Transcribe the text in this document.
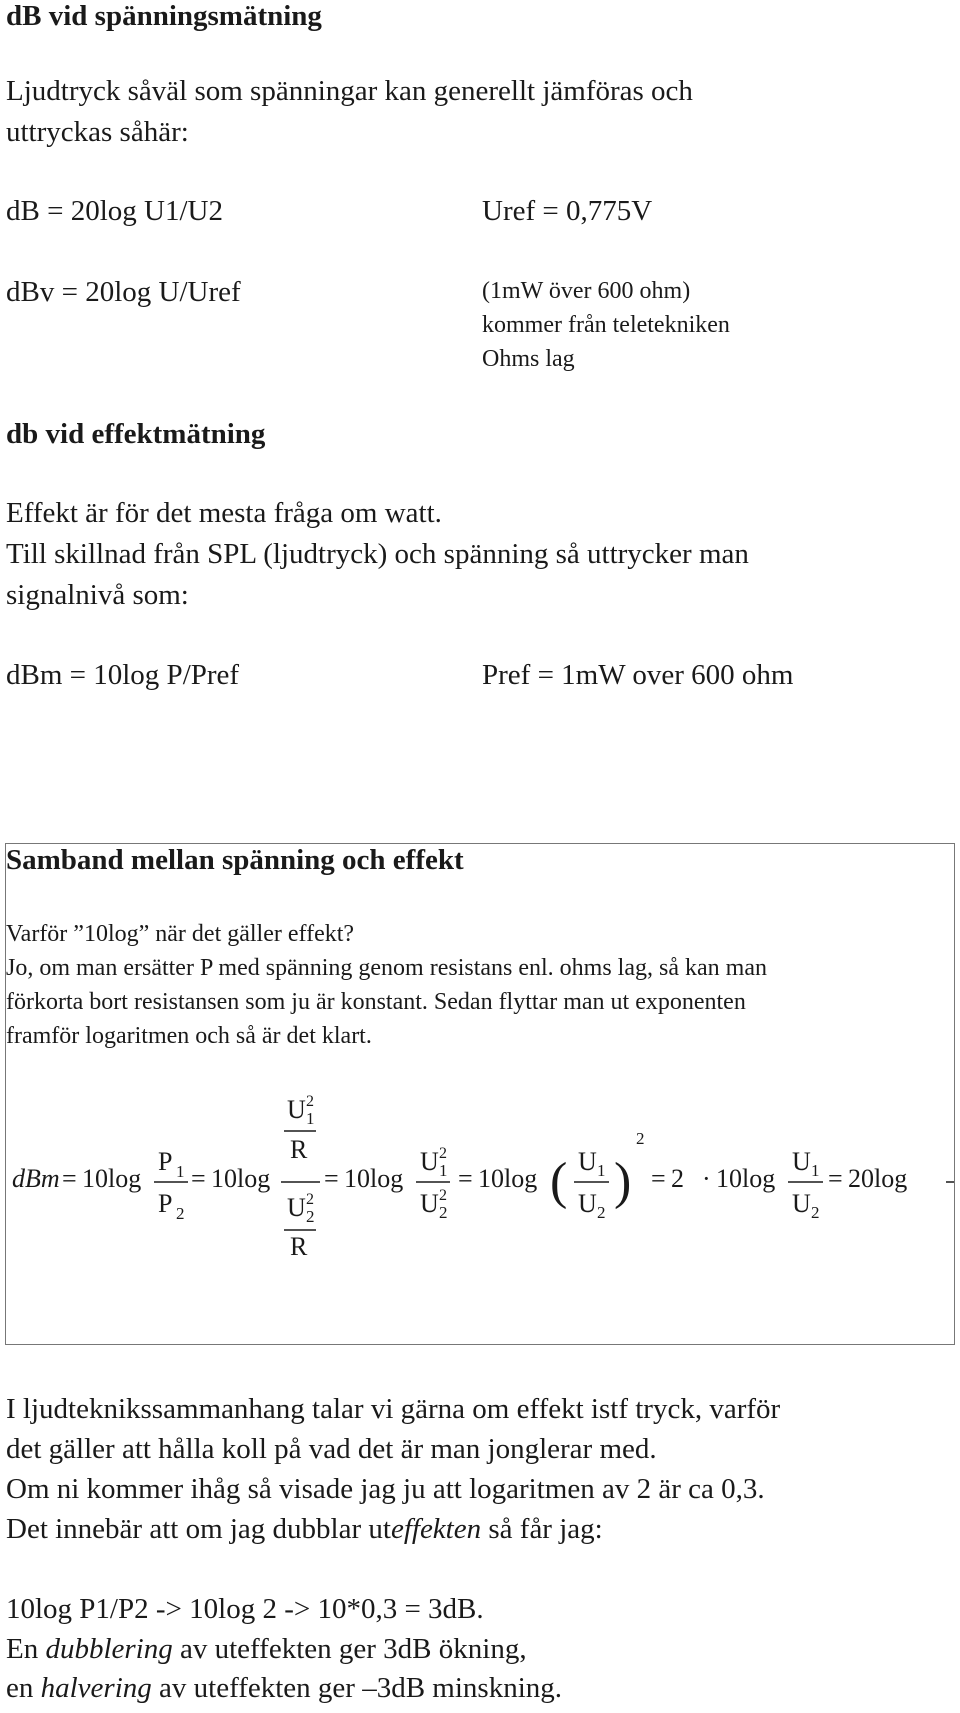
dB vid spänningsmätning
Ljudtryck såväl som spänningar kan generellt jämföras och
uttryckas såhär:
dB = 20log U1/U2	Uref = 0,775V
dBv = 20log U/Uref	(1mW över 600 ohm)
kommer från teletekniken
Ohms lag
db vid effektmätning
Effekt är för det mesta fråga om watt.
Till skillnad från SPL (ljudtryck) och spänning så uttrycker man
signalnivå som:
dBm = 10log P/Pref	Pref = 1mW over 600 ohm
Samband mellan spänning och effekt
Varför ”10log” när det gäller effekt?
Jo, om man ersätter P med spänning genom resistans enl. ohms lag, så kan man
förkorta bort resistansen som ju är konstant. Sedan flyttar man ut exponenten
framför logaritmen och så är det klart.
dBm = 10log
P 1
P 2
= 10log
U 2
1
R
U 2
2
R
= 10log
U 2
1
U 2
2
= 10log ( U 1
U 2
)
2
= 2 · 10log
U 1
U 2
= 20log
I ljudteknikssammanhang talar vi gärna om effekt istf tryck, varför
det gäller att hålla koll på vad det är man jonglerar med.
Om ni kommer ihåg så visade jag ju att logaritmen av 2 är ca 0,3.
Det innebär att om jag dubblar uteffekten så får jag:
10log P1/P2 -> 10log 2 -> 10*0,3 = 3dB.
En dubblering av uteffekten ger 3dB ökning,
en halvering av uteffekten ger –3dB minskning.
